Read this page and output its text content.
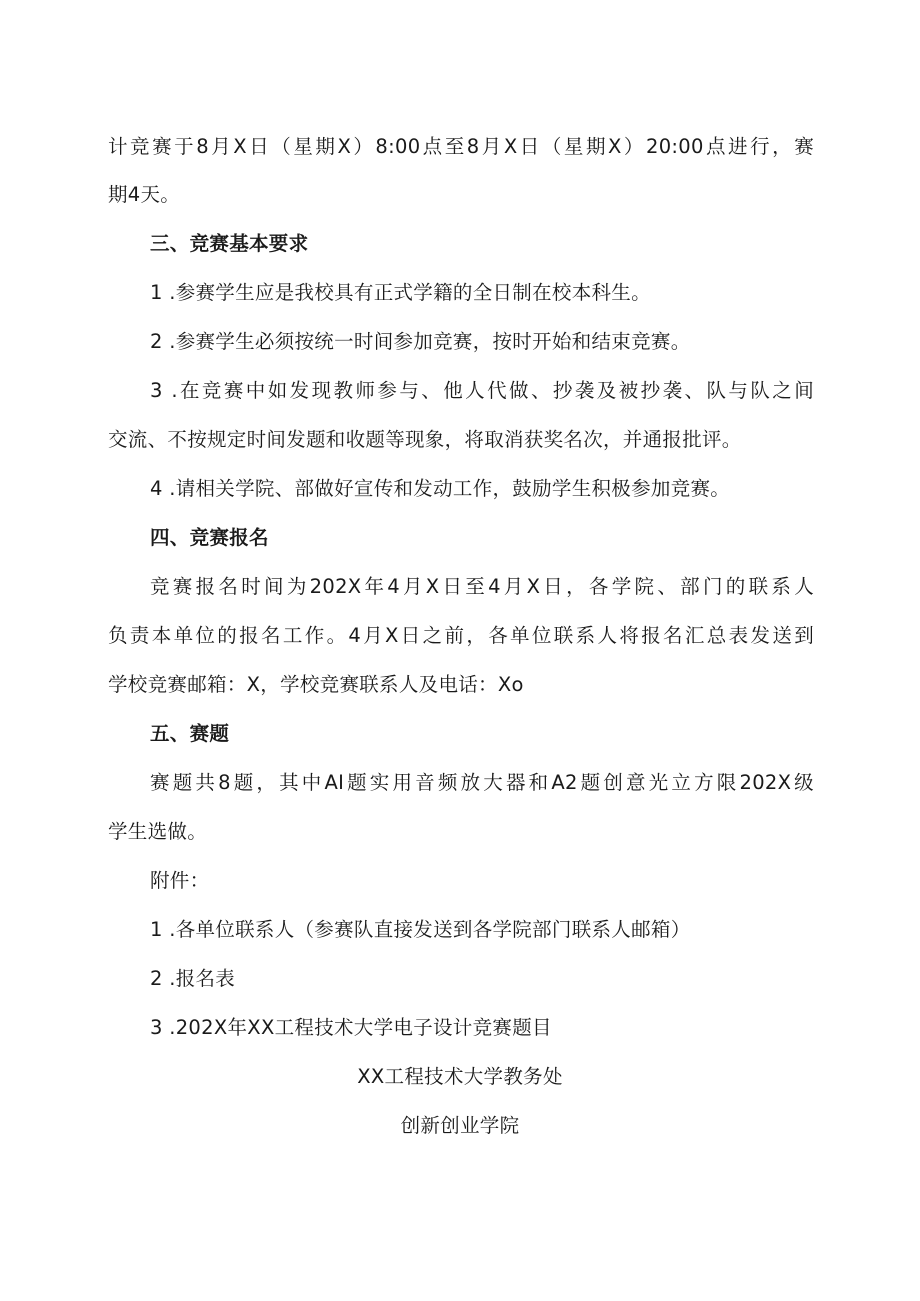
计竞赛于8月X日（星期X）8:00点至8月X日（星期X）20:00点进行，赛
期4天。
三、竞赛基本要求
1 .参赛学生应是我校具有正式学籍的全日制在校本科生。
2 .参赛学生必须按统一时间参加竞赛，按时开始和结束竞赛。
3 .在竞赛中如发现教师参与、他人代做、抄袭及被抄袭、队与队之间
交流、不按规定时间发题和收题等现象，将取消获奖名次，并通报批评。
4 .请相关学院、部做好宣传和发动工作，鼓励学生积极参加竞赛。
四、竞赛报名
竞赛报名时间为202X年4月X日至4月X日，各学院、部门的联系人
负责本单位的报名工作。4月X日之前，各单位联系人将报名汇总表发送到
学校竞赛邮箱：X，学校竞赛联系人及电话：Xo
五、赛题
赛题共8题，其中AI题实用音频放大器和A2题创意光立方限202X级
学生选做。
附件：
1 .各单位联系人（参赛队直接发送到各学院部门联系人邮箱）
2 .报名表
3 .202X年XX工程技术大学电子设计竞赛题目
XX工程技术大学教务处
创新创业学院
